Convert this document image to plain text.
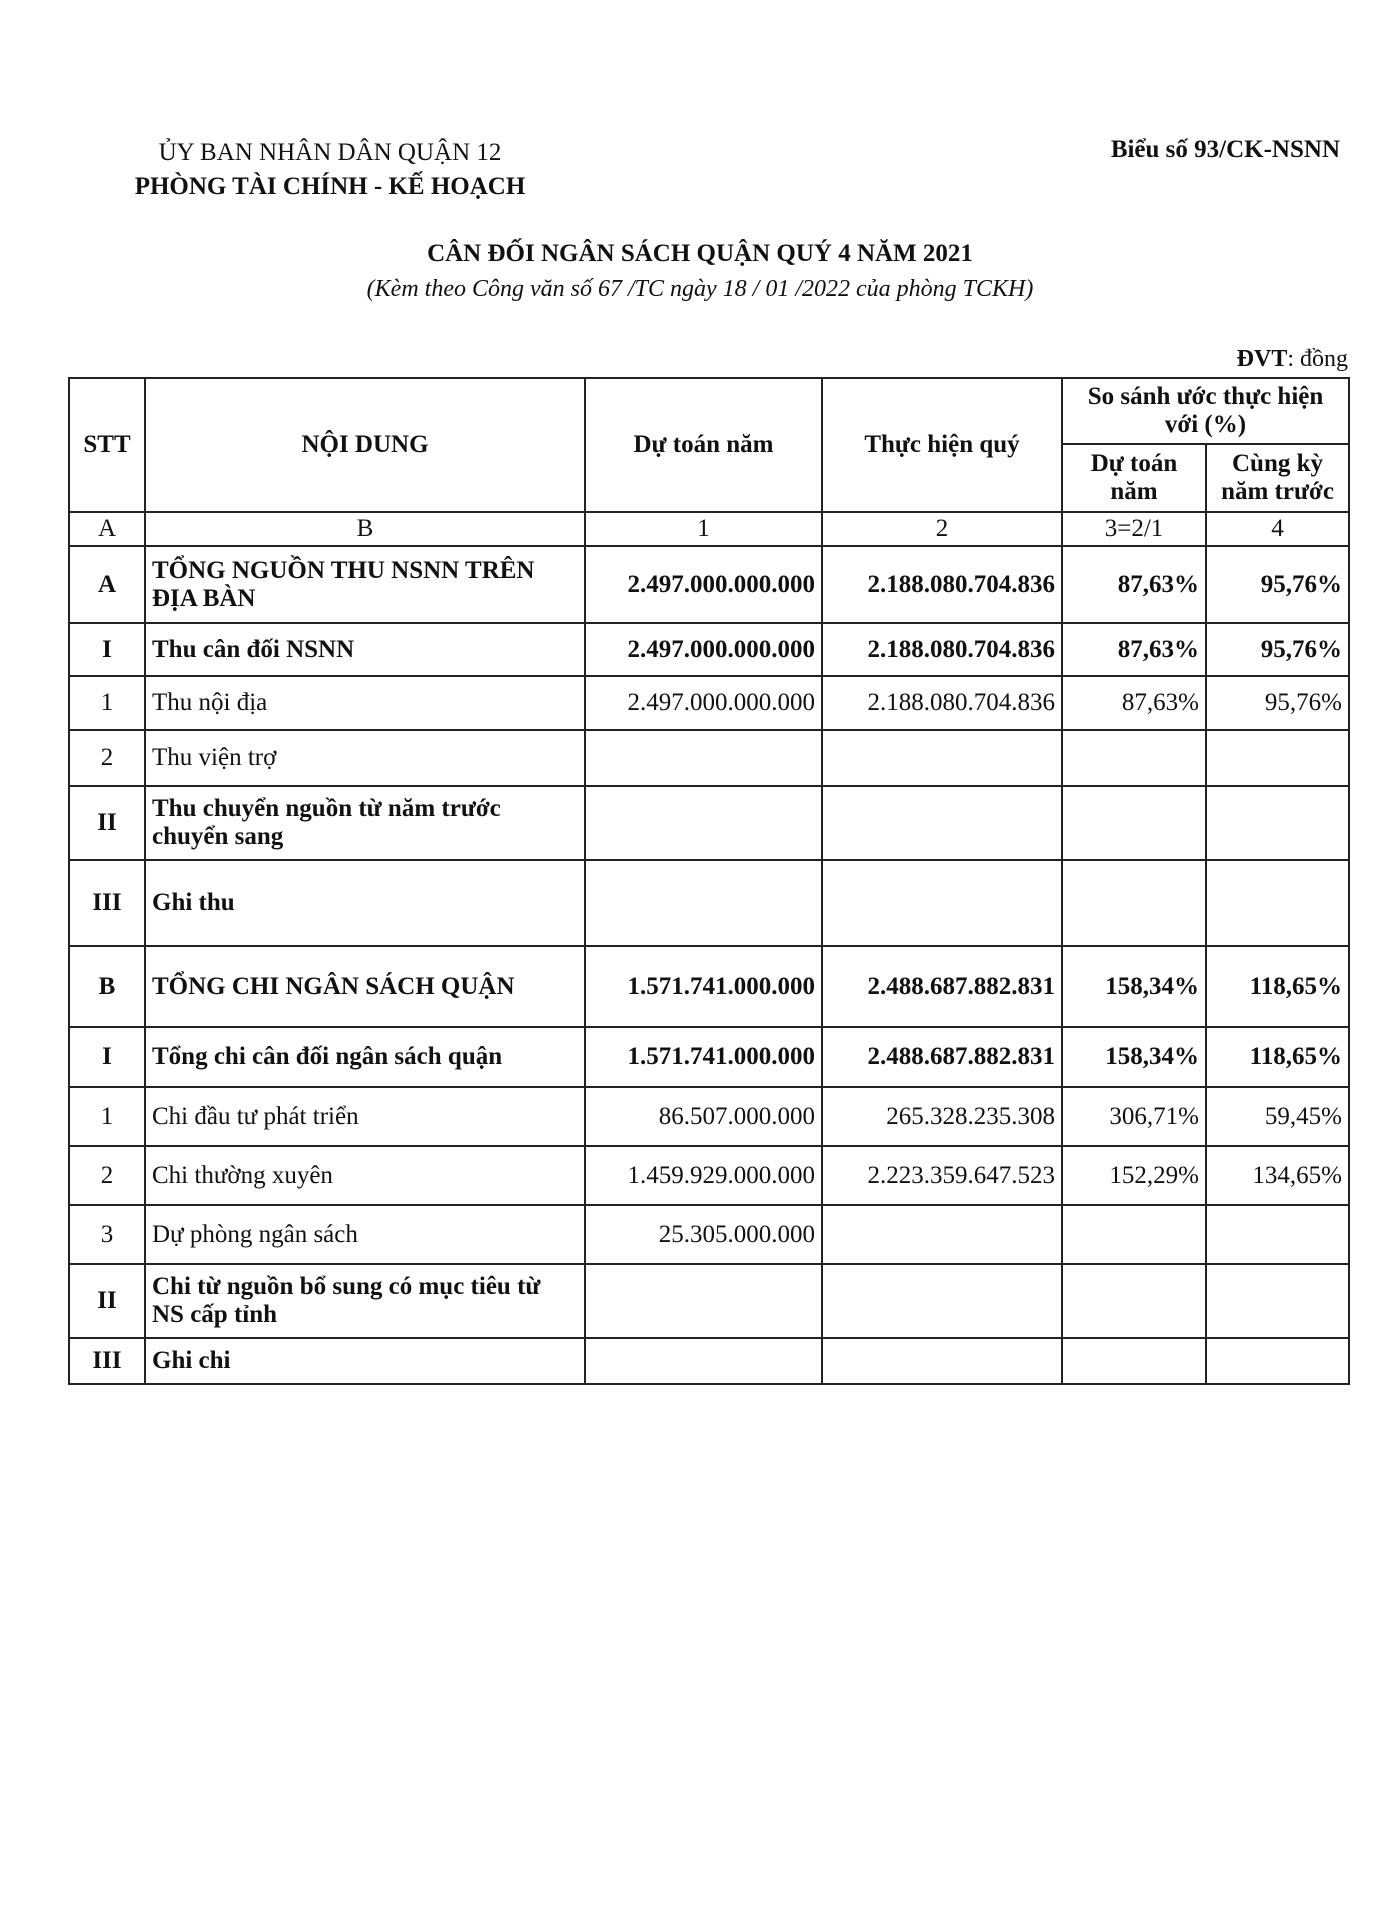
ỦY BAN NHÂN DÂN QUẬN 12
PHÒNG TÀI CHÍNH - KẾ HOẠCH
Biểu số 93/CK-NSNN
CÂN ĐỐI NGÂN SÁCH QUẬN QUÝ 4 NĂM 2021
(Kèm theo Công văn số 67 /TC ngày 18 / 01 /2022 của phòng TCKH)
ĐVT: đồng
STT	NỘI DUNG	Dự toán năm	Thực hiện quý	So sánh ước thực hiện với (%)	
				Dự toán năm	Cùng kỳ năm trước
A	B	1	2	3=2/1	4
A	TỔNG NGUỒN THU NSNN TRÊN ĐỊA BÀN	2.497.000.000.000	2.188.080.704.836	87,63%	95,76%
I	Thu cân đối NSNN	2.497.000.000.000	2.188.080.704.836	87,63%	95,76%
1	Thu nội địa	2.497.000.000.000	2.188.080.704.836	87,63%	95,76%
2	Thu viện trợ				
II	Thu chuyển nguồn từ năm trước chuyển sang				
III	Ghi thu				
B	TỔNG CHI NGÂN SÁCH QUẬN	1.571.741.000.000	2.488.687.882.831	158,34%	118,65%
I	Tổng chi cân đối ngân sách quận	1.571.741.000.000	2.488.687.882.831	158,34%	118,65%
1	Chi đầu tư phát triển	86.507.000.000	265.328.235.308	306,71%	59,45%
2	Chi thường xuyên	1.459.929.000.000	2.223.359.647.523	152,29%	134,65%
3	Dự phòng ngân sách	25.305.000.000			
II	Chi từ nguồn bổ sung có mục tiêu từ NS cấp tỉnh				
III	Ghi chi				
